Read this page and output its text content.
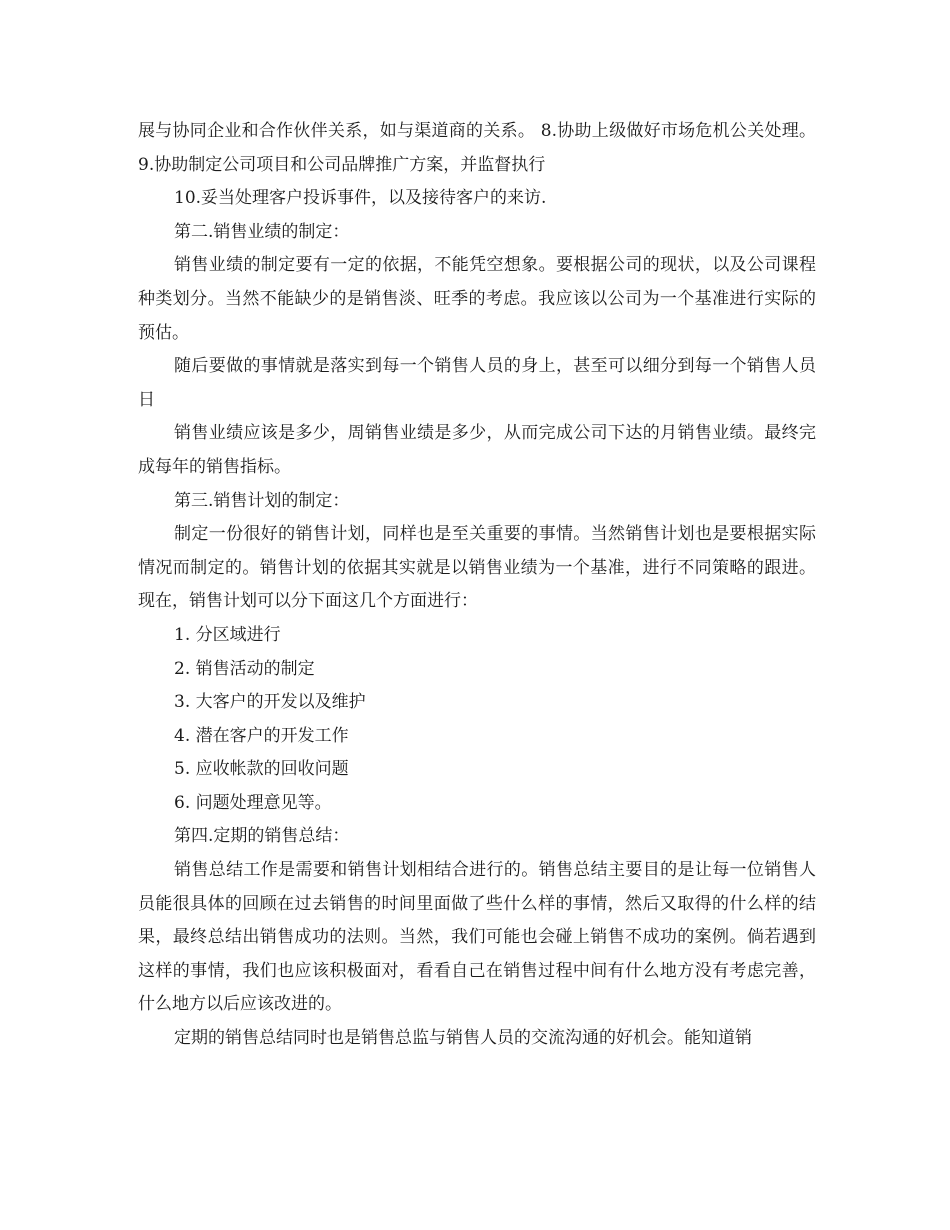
展与协同企业和合作伙伴关系，如与渠道商的关系。 8.协助上级做好市场危机公关处理。 9.协助制定公司项目和公司品牌推广方案，并监督执行

10.妥当处理客户投诉事件，以及接待客户的来访.

第二.销售业绩的制定：

销售业绩的制定要有一定的依据，不能凭空想象。要根据公司的现状，以及公司课程种类划分。当然不能缺少的是销售淡、旺季的考虑。我应该以公司为一个基准进行实际的预估。

随后要做的事情就是落实到每一个销售人员的身上，甚至可以细分到每一个销售人员日

销售业绩应该是多少，周销售业绩是多少，从而完成公司下达的月销售业绩。最终完成每年的销售指标。

第三.销售计划的制定：

制定一份很好的销售计划，同样也是至关重要的事情。当然销售计划也是要根据实际情况而制定的。销售计划的依据其实就是以销售业绩为一个基准，进行不同策略的跟进。现在，销售计划可以分下面这几个方面进行：

1. 分区域进行

2. 销售活动的制定

3. 大客户的开发以及维护

4. 潜在客户的开发工作

5. 应收帐款的回收问题

6. 问题处理意见等。

第四.定期的销售总结：

销售总结工作是需要和销售计划相结合进行的。销售总结主要目的是让每一位销售人员能很具体的回顾在过去销售的时间里面做了些什么样的事情，然后又取得的什么样的结果，最终总结出销售成功的法则。当然，我们可能也会碰上销售不成功的案例。倘若遇到这样的事情，我们也应该积极面对，看看自己在销售过程中间有什么地方没有考虑完善，什么地方以后应该改进的。

定期的销售总结同时也是销售总监与销售人员的交流沟通的好机会。能知道销
